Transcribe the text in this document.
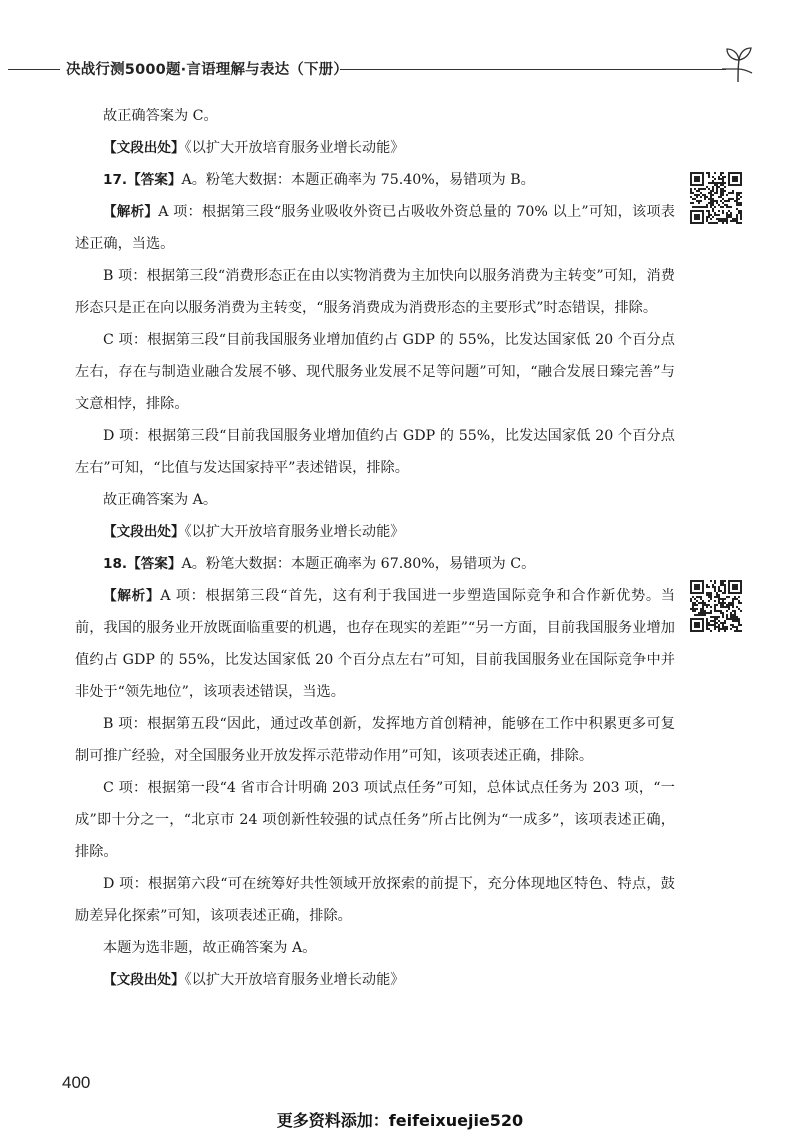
决战行测5000题·言语理解与表达（下册）

故正确答案为 C。

【文段出处】《以扩大开放培育服务业增长动能》

17.【答案】A。粉笔大数据：本题正确率为 75.40%，易错项为 B。

【解析】A 项：根据第三段“服务业吸收外资已占吸收外资总量的 70% 以上”可知，该项表述正确，当选。

B 项：根据第三段“消费形态正在由以实物消费为主加快向以服务消费为主转变”可知，消费形态只是正在向以服务消费为主转变，“服务消费成为消费形态的主要形式”时态错误，排除。

C 项：根据第三段“目前我国服务业增加值约占 GDP 的 55%，比发达国家低 20 个百分点左右，存在与制造业融合发展不够、现代服务业发展不足等问题”可知，“融合发展日臻完善”与文意相悖，排除。

D 项：根据第三段“目前我国服务业增加值约占 GDP 的 55%，比发达国家低 20 个百分点左右”可知，“比值与发达国家持平”表述错误，排除。

故正确答案为 A。

【文段出处】《以扩大开放培育服务业增长动能》

18.【答案】A。粉笔大数据：本题正确率为 67.80%，易错项为 C。

【解析】A 项：根据第三段“首先，这有利于我国进一步塑造国际竞争和合作新优势。当前，我国的服务业开放既面临重要的机遇，也存在现实的差距”“另一方面，目前我国服务业增加值约占 GDP 的 55%，比发达国家低 20 个百分点左右”可知，目前我国服务业在国际竞争中并非处于“领先地位”，该项表述错误，当选。

B 项：根据第五段“因此，通过改革创新，发挥地方首创精神，能够在工作中积累更多可复制可推广经验，对全国服务业开放发挥示范带动作用”可知，该项表述正确，排除。

C 项：根据第一段“4 省市合计明确 203 项试点任务”可知，总体试点任务为 203 项，“一成”即十分之一，“北京市 24 项创新性较强的试点任务”所占比例为“一成多”，该项表述正确，排除。

D 项：根据第六段“可在统筹好共性领域开放探索的前提下，充分体现地区特色、特点，鼓励差异化探索”可知，该项表述正确，排除。

本题为选非题，故正确答案为 A。

【文段出处】《以扩大开放培育服务业增长动能》

400
更多资料添加：feifeixuejie520
